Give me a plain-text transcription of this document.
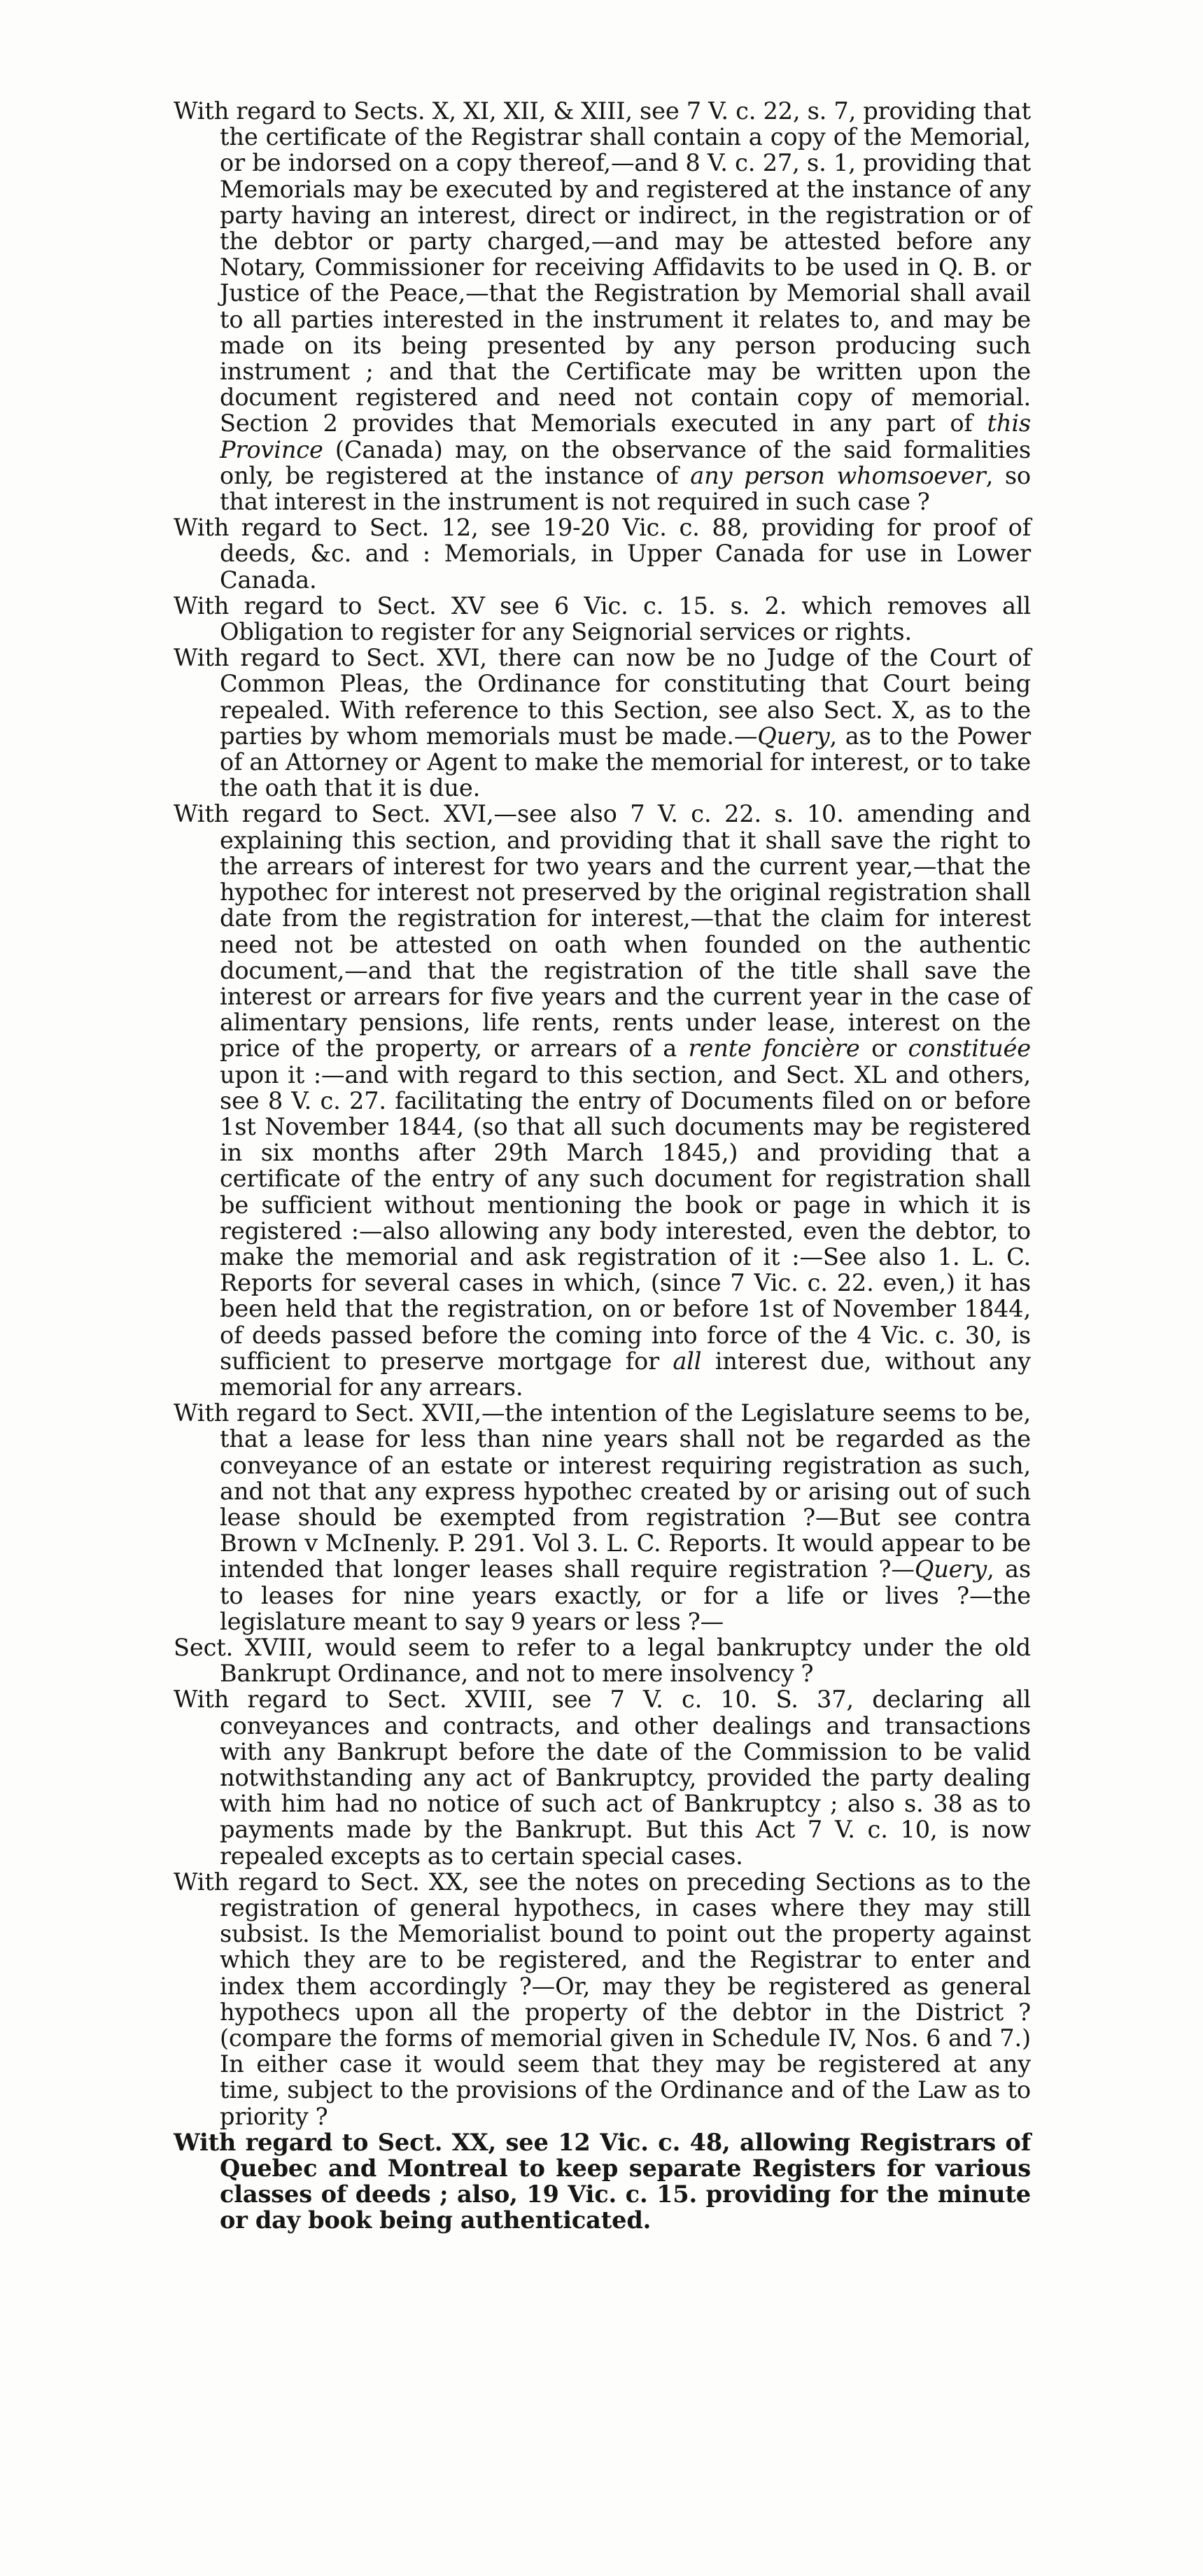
With regard to Sects. X, XI, XII, & XIII, see 7 V. c. 22, s. 7, providing that the certificate of the Registrar shall contain a copy of the Memorial, or be indorsed on a copy thereof,—and 8 V. c. 27, s. 1, providing that Memorials may be executed by and registered at the instance of any party having an interest, direct or indirect, in the registration or of the debtor or party charged,—and may be attested before any Notary, Commissioner for receiving Affidavits to be used in Q. B. or Justice of the Peace,—that the Registration by Memorial shall avail to all parties interested in the instrument it relates to, and may be made on its being presented by any person producing such instrument ; and that the Certificate may be written upon the document registered and need not contain copy of memorial. Section 2 provides that Memorials executed in any part of this Province (Canada) may, on the observance of the said formalities only, be registered at the instance of any person whomsoever, so that interest in the instrument is not required in such case ?

With regard to Sect. 12, see 19-20 Vic. c. 88, providing for proof of deeds, &c. and : Memorials, in Upper Canada for use in Lower Canada.

With regard to Sect. XV see 6 Vic. c. 15. s. 2. which removes all Obligation to register for any Seignorial services or rights.

With regard to Sect. XVI, there can now be no Judge of the Court of Common Pleas, the Ordinance for constituting that Court being repealed. With reference to this Section, see also Sect. X, as to the parties by whom memorials must be made.—Query, as to the Power of an Attorney or Agent to make the memorial for interest, or to take the oath that it is due.

With regard to Sect. XVI,—see also 7 V. c. 22. s. 10. amending and explaining this section, and providing that it shall save the right to the arrears of interest for two years and the current year,—that the hypothec for interest not preserved by the original registration shall date from the registration for interest,—that the claim for interest need not be attested on oath when founded on the authentic document,—and that the registration of the title shall save the interest or arrears for five years and the current year in the case of alimentary pensions, life rents, rents under lease, interest on the price of the property, or arrears of a rente foncière or constituée upon it :—and with regard to this section, and Sect. XL and others, see 8 V. c. 27. facilitating the entry of Documents filed on or before 1st November 1844, (so that all such documents may be registered in six months after 29th March 1845,) and providing that a certificate of the entry of any such document for registration shall be sufficient without mentioning the book or page in which it is registered :—also allowing any body interested, even the debtor, to make the memorial and ask registration of it :—See also 1. L. C. Reports for several cases in which, (since 7 Vic. c. 22. even,) it has been held that the registration, on or before 1st of November 1844, of deeds passed before the coming into force of the 4 Vic. c. 30, is sufficient to preserve mortgage for all interest due, without any memorial for any arrears.

With regard to Sect. XVII,—the intention of the Legislature seems to be, that a lease for less than nine years shall not be regarded as the conveyance of an estate or interest requiring registration as such, and not that any express hypothec created by or arising out of such lease should be exempted from registration ?—But see contra Brown v McInenly. P. 291. Vol 3. L. C. Reports. It would appear to be intended that longer leases shall require registration ?—Query, as to leases for nine years exactly, or for a life or lives ?—the legislature meant to say 9 years or less ?—

Sect. XVIII, would seem to refer to a legal bankruptcy under the old Bankrupt Ordinance, and not to mere insolvency ?

With regard to Sect. XVIII, see 7 V. c. 10. S. 37, declaring all conveyances and contracts, and other dealings and transactions with any Bankrupt before the date of the Commission to be valid notwithstanding any act of Bankruptcy, provided the party dealing with him had no notice of such act of Bankruptcy ; also s. 38 as to payments made by the Bankrupt. But this Act 7 V. c. 10, is now repealed excepts as to certain special cases.

With regard to Sect. XX, see the notes on preceding Sections as to the registration of general hypothecs, in cases where they may still subsist. Is the Memorialist bound to point out the property against which they are to be registered, and the Registrar to enter and index them accordingly ?—Or, may they be registered as general hypothecs upon all the property of the debtor in the District ? (compare the forms of memorial given in Schedule IV, Nos. 6 and 7.) In either case it would seem that they may be registered at any time, subject to the provisions of the Ordinance and of the Law as to priority ?

With regard to Sect. XX, see 12 Vic. c. 48, allowing Registrars of Quebec and Montreal to keep separate Registers for various classes of deeds ; also, 19 Vic. c. 15. providing for the minute or day book being authenticated.
